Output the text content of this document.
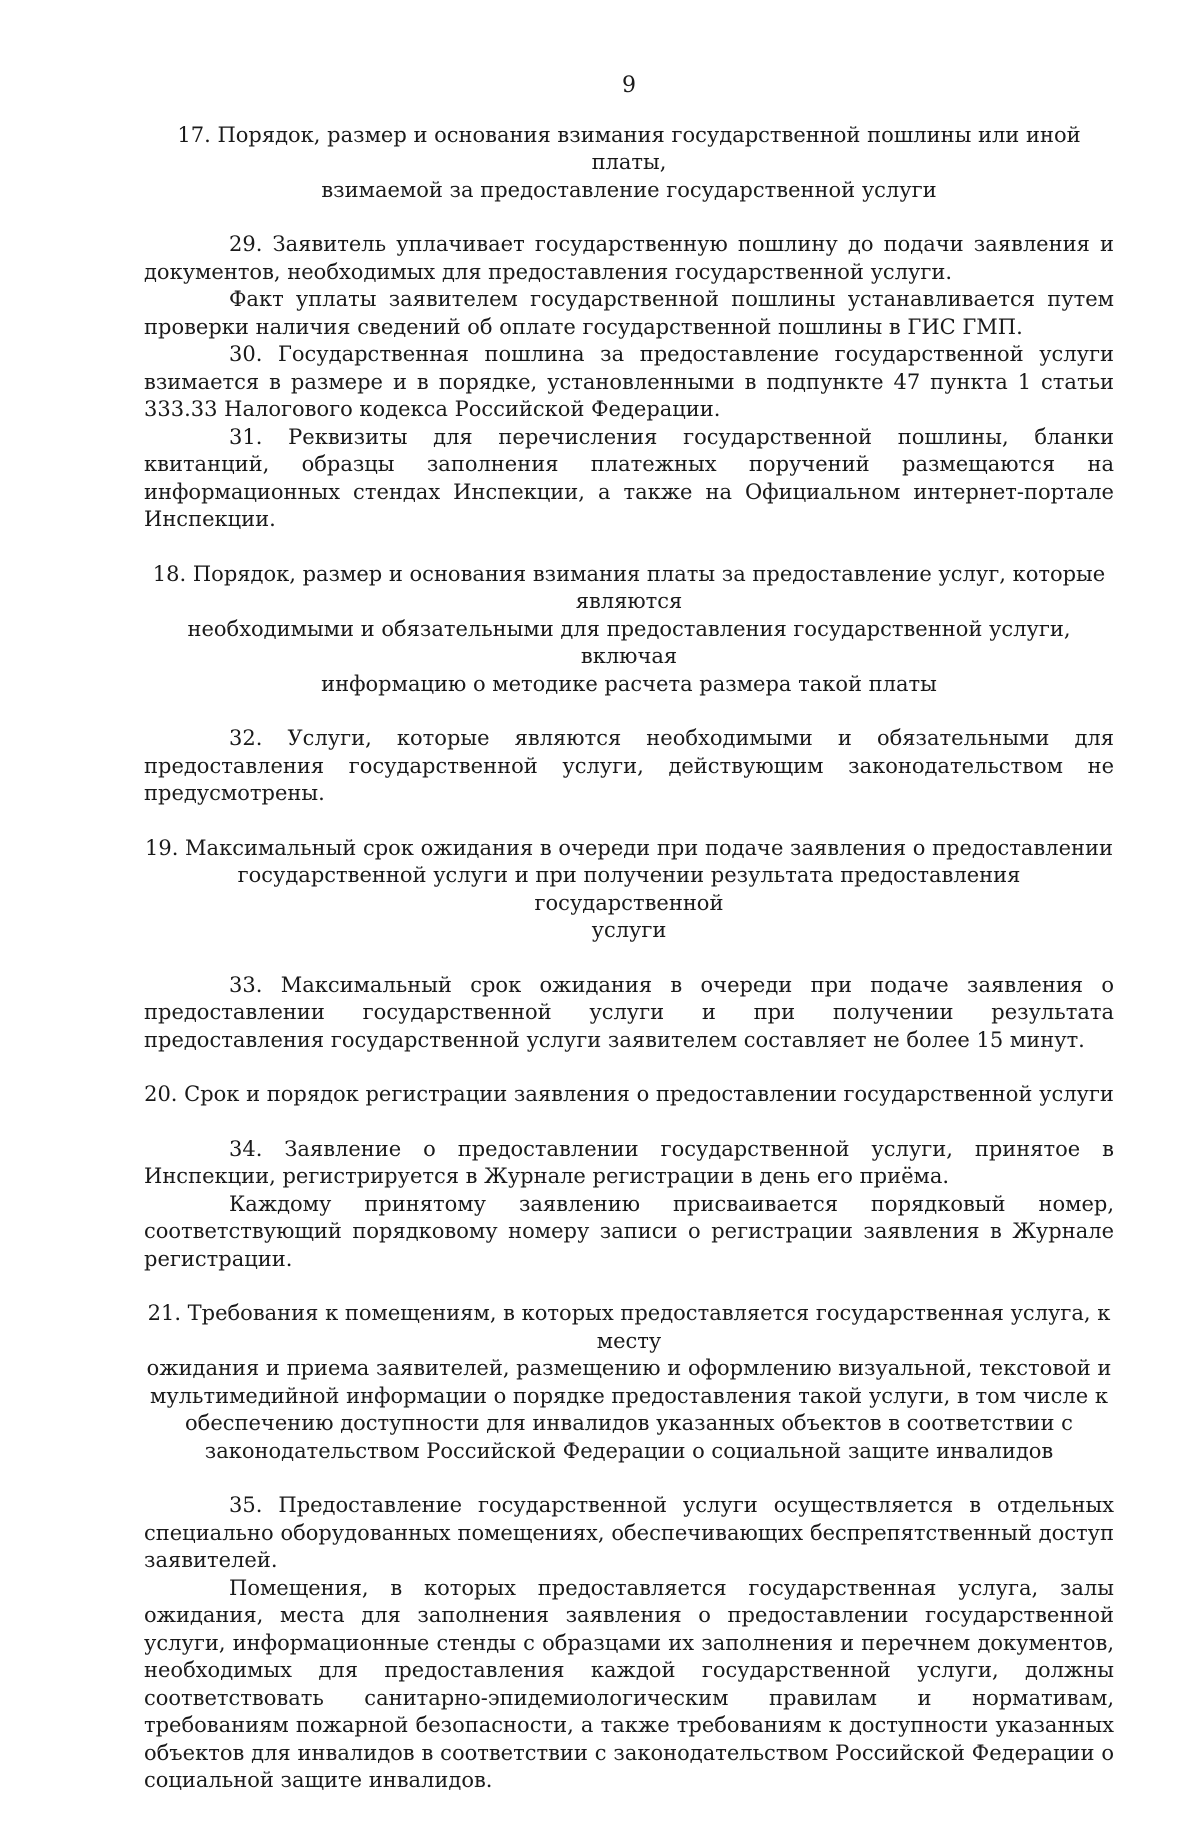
9
17. Порядок, размер и основания взимания государственной пошлины или иной платы,
взимаемой за предоставление государственной услуги

29. Заявитель уплачивает государственную пошлину до подачи заявления и документов, необходимых для предоставления государственной услуги.

Факт уплаты заявителем государственной пошлины устанавливается путем проверки наличия сведений об оплате государственной пошлины в ГИС ГМП.

30. Государственная пошлина за предоставление государственной услуги взимается в размере и в порядке, установленными в подпункте 47 пункта 1 статьи 333.33 Налогового кодекса Российской Федерации.

31. Реквизиты для перечисления государственной пошлины, бланки квитанций, образцы заполнения платежных поручений размещаются на информационных стендах Инспекции, а также на Официальном интернет-портале Инспекции.

18. Порядок, размер и основания взимания платы за предоставление услуг, которые являются
необходимыми и обязательными для предоставления государственной услуги, включая
информацию о методике расчета размера такой платы

32. Услуги, которые являются необходимыми и обязательными для предоставления государственной услуги, действующим законодательством не предусмотрены.

19. Максимальный срок ожидания в очереди при подаче заявления о предоставлении
государственной услуги и при получении результата предоставления государственной
услуги

33. Максимальный срок ожидания в очереди при подаче заявления о предоставлении государственной услуги и при получении результата предоставления государственной услуги заявителем составляет не более 15 минут.

20. Срок и порядок регистрации заявления о предоставлении государственной услуги

34. Заявление о предоставлении государственной услуги, принятое в Инспекции, регистрируется в Журнале регистрации в день его приёма.

Каждому принятому заявлению присваивается порядковый номер, соответствующий порядковому номеру записи о регистрации заявления в Журнале регистрации.

21. Требования к помещениям, в которых предоставляется государственная услуга, к месту
ожидания и приема заявителей, размещению и оформлению визуальной, текстовой и
мультимедийной информации о порядке предоставления такой услуги, в том числе к
обеспечению доступности для инвалидов указанных объектов в соответствии с
законодательством Российской Федерации о социальной защите инвалидов

35. Предоставление государственной услуги осуществляется в отдельных специально оборудованных помещениях, обеспечивающих беспрепятственный доступ заявителей.

Помещения, в которых предоставляется государственная услуга, залы ожидания, места для заполнения заявления о предоставлении государственной услуги, информационные стенды с образцами их заполнения и перечнем документов, необходимых для предоставления каждой государственной услуги, должны соответствовать санитарно-эпидемиологическим правилам и нормативам, требованиям пожарной безопасности, а также требованиям к доступности указанных объектов для инвалидов в соответствии с законодательством Российской Федерации о социальной защите инвалидов.
